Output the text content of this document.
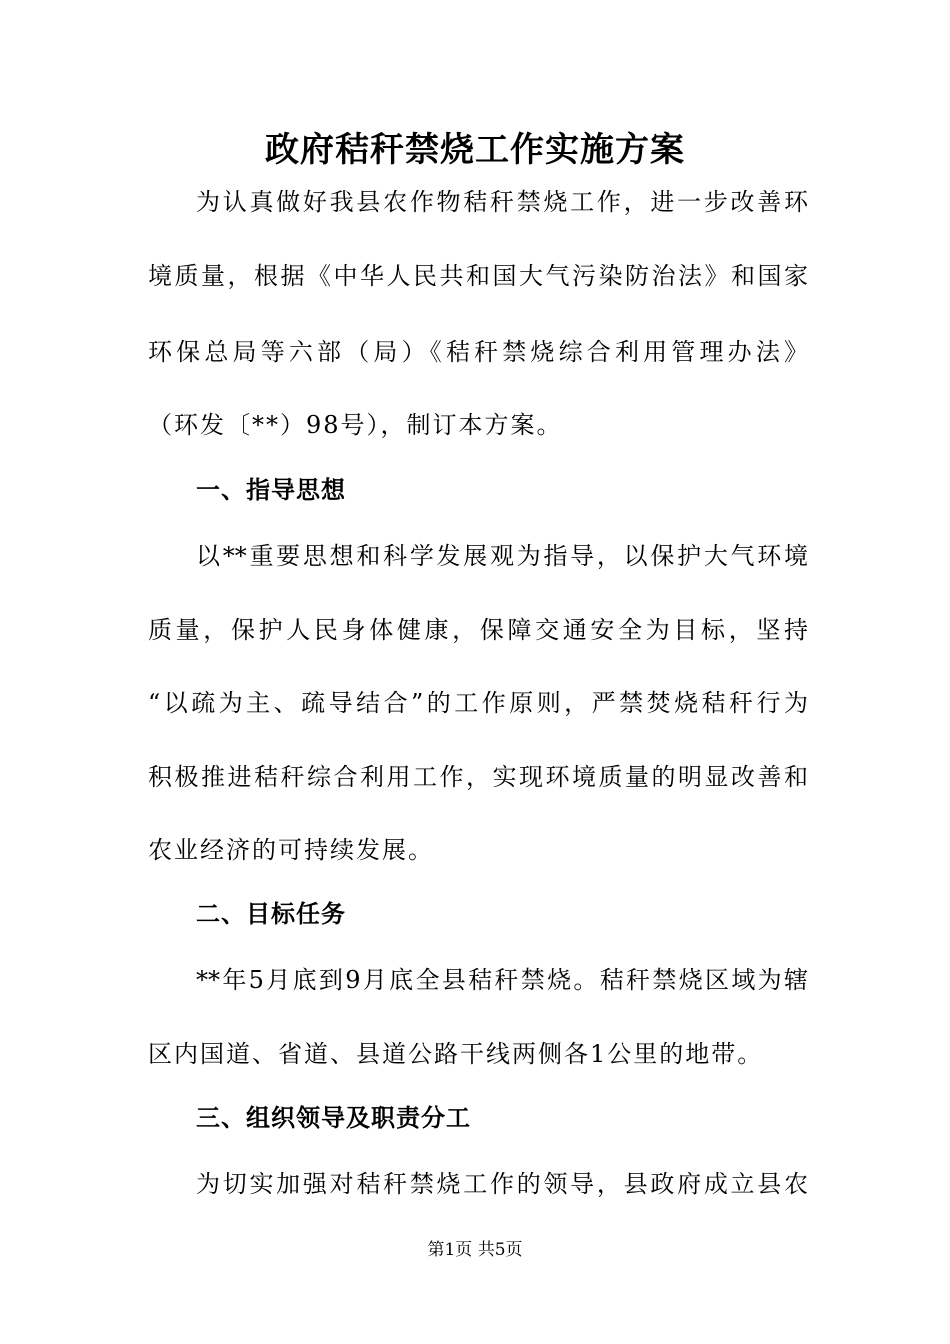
政府秸秆禁烧工作实施方案
为认真做好我县农作物秸秆禁烧工作，进一步改善环
境质量，根据《中华人民共和国大气污染防治法》和国家
环保总局等六部（局）《秸秆禁烧综合利用管理办法》
（环发〔**）98号），制订本方案。
一、指导思想
以**重要思想和科学发展观为指导，以保护大气环境
质量，保护人民身体健康，保障交通安全为目标，坚持
“以疏为主、疏导结合”的工作原则，严禁焚烧秸秆行为
积极推进秸秆综合利用工作，实现环境质量的明显改善和
农业经济的可持续发展。
二、目标任务
**年5月底到9月底全县秸秆禁烧。秸秆禁烧区域为辖
区内国道、省道、县道公路干线两侧各1公里的地带。
三、组织领导及职责分工
为切实加强对秸秆禁烧工作的领导，县政府成立县农
第1页 共5页
